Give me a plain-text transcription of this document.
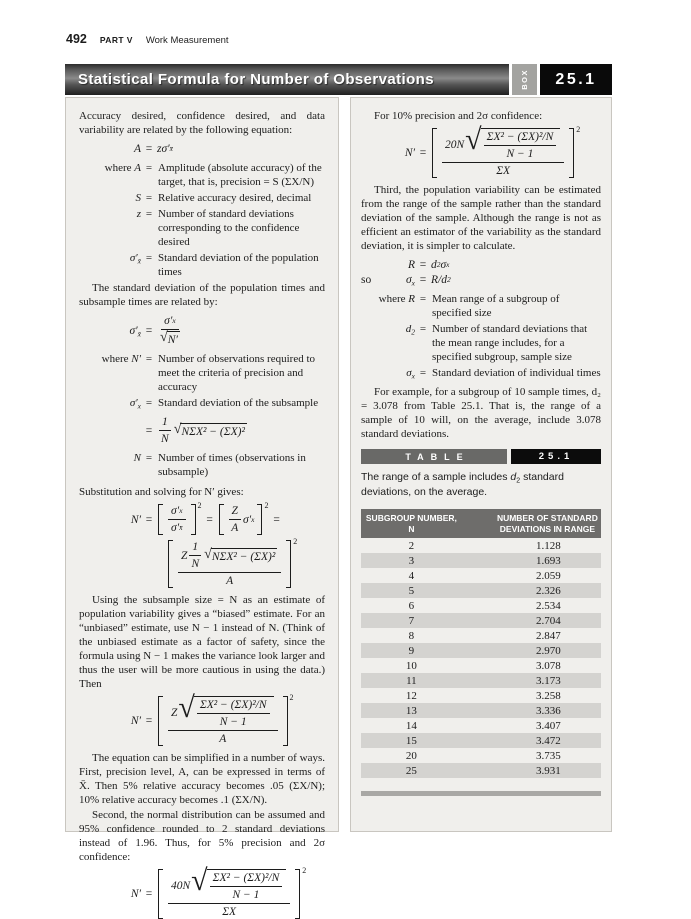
492 PART V Work Measurement
Statistical Formula for Number of Observations	BOX	25.1

Accuracy desired, confidence desired, and data variability are related by the following equation:

A = zσ′ x̄
where A = Amplitude (absolute accuracy) of the target, that is, precision = S (ΣX/N)
S = Relative accuracy desired, decimal
z = Number of standard deviations corresponding to the confidence desired
$\sigma'_{x̄}$ = Standard deviation of the population times

The standard deviation of the population times and subsample times are related by:

$\sigma'_{x̄} = \sigma'$ x
√ N′
where N′ = Number of observations required to meet the criteria of precision and accuracy
$\sigma'_x$ = Standard deviation of the subsample
= $\frac{1}{N}$ √ NΣX² − (ΣX)²
N = Number of times (observations in subsample)

Substitution and solving for N′ gives:

N′ =	$\frac{\sigma' x}{\sigma' x̄} 2$
=	$\frac{Z}{A} \sigma'$ x
2
=
Z $\frac{1}{N}$ √ NΣX² − (ΣX)²
A
2

Using the subsample size = N as an estimate of population variability gives a “biased” estimate. For an “unbiased” estimate, use N − 1 instead of N. (Think of the unbiased estimate as a factor of safety, since the formula using N − 1 makes the variance look larger and thus the user will be more cautious in using the data.) Then

N′ =
Z √ $\frac{\text{ΣX² − (ΣX)²/N}}{N - 1}$
A
2

The equation can be simplified in a number of ways. First, precision level, A, can be expressed in terms of X̄. Then 5% relative accuracy becomes .05 (ΣX/N); 10% relative accuracy becomes .1 (ΣX/N).

Second, the normal distribution can be assumed and 95% confidence rounded to 2 standard deviations instead of 1.96. Thus, for 5% precision and 2σ confidence:

N′ =
40N √ $\frac{\text{ΣX² − (ΣX)²/N}}{N - 1}$
ΣX
2

For 10% precision and 2σ confidence:

N′ =
20N √ $\frac{\text{ΣX² − (ΣX)²/N}}{N - 1}$
ΣX
2

Third, the population variability can be estimated from the range of the sample rather than the standard deviation of the sample. Although the range is not as efficient an estimator of the variability as the standard deviation, it is simpler to calculate.

R = d 2 σ x
so	$\sigma_x = R/d$ 2
where R = Mean range of a subgroup of specified size
$d_2$ = Number of standard deviations that the mean range includes, for a specified subgroup, sample size
$\sigma_x$ = Standard deviation of individual times

For example, for a subgroup of 10 sample times, d₂ = 3.078 from Table 25.1. That is, the range of a sample of 10 will, on the average, include 3.078 standard deviations.

TABLE	25.1
The range of a sample includes $d_2$ standard deviations, on the average.
SUBGROUP NUMBER, N	NUMBER OF STANDARD DEVIATIONS IN RANGE
2	1.128
3	1.693
4	2.059
5	2.326
6	2.534
7	2.704
8	2.847
9	2.970
10	3.078
11	3.173
12	3.258
13	3.336
14	3.407
15	3.472
20	3.735
25	3.931
